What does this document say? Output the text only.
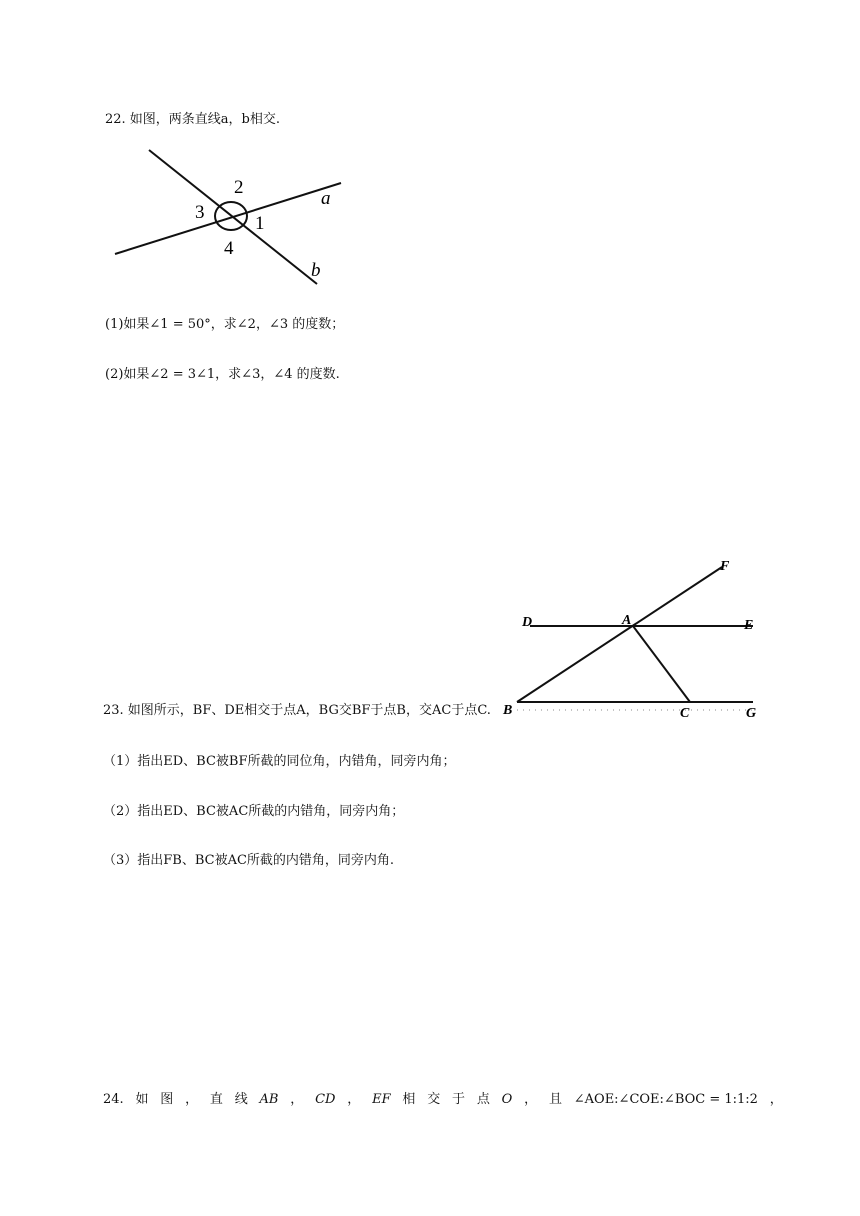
22. 如图，两条直线a，b相交.
2
3
1
4
a
b
(1)如果∠1 = 50°，求∠2，∠3 的度数；
(2)如果∠2 = 3∠1，求∠3，∠4 的度数.
F
D	A	E
B	C	G
23. 如图所示，BF、DE相交于点A，BG交BF于点B，交AC于点C.
（1）指出ED、BC被BF所截的同位角，内错角，同旁内角；
（2）指出ED、BC被AC所截的内错角，同旁内角；
（3）指出FB、BC被AC所截的内错角，同旁内角.
24. 如 图 ， 直 线 AB ， CD ， EF 相 交 于 点 O ， 且 ∠AOE:∠COE:∠BOC = 1:1:2 ，
